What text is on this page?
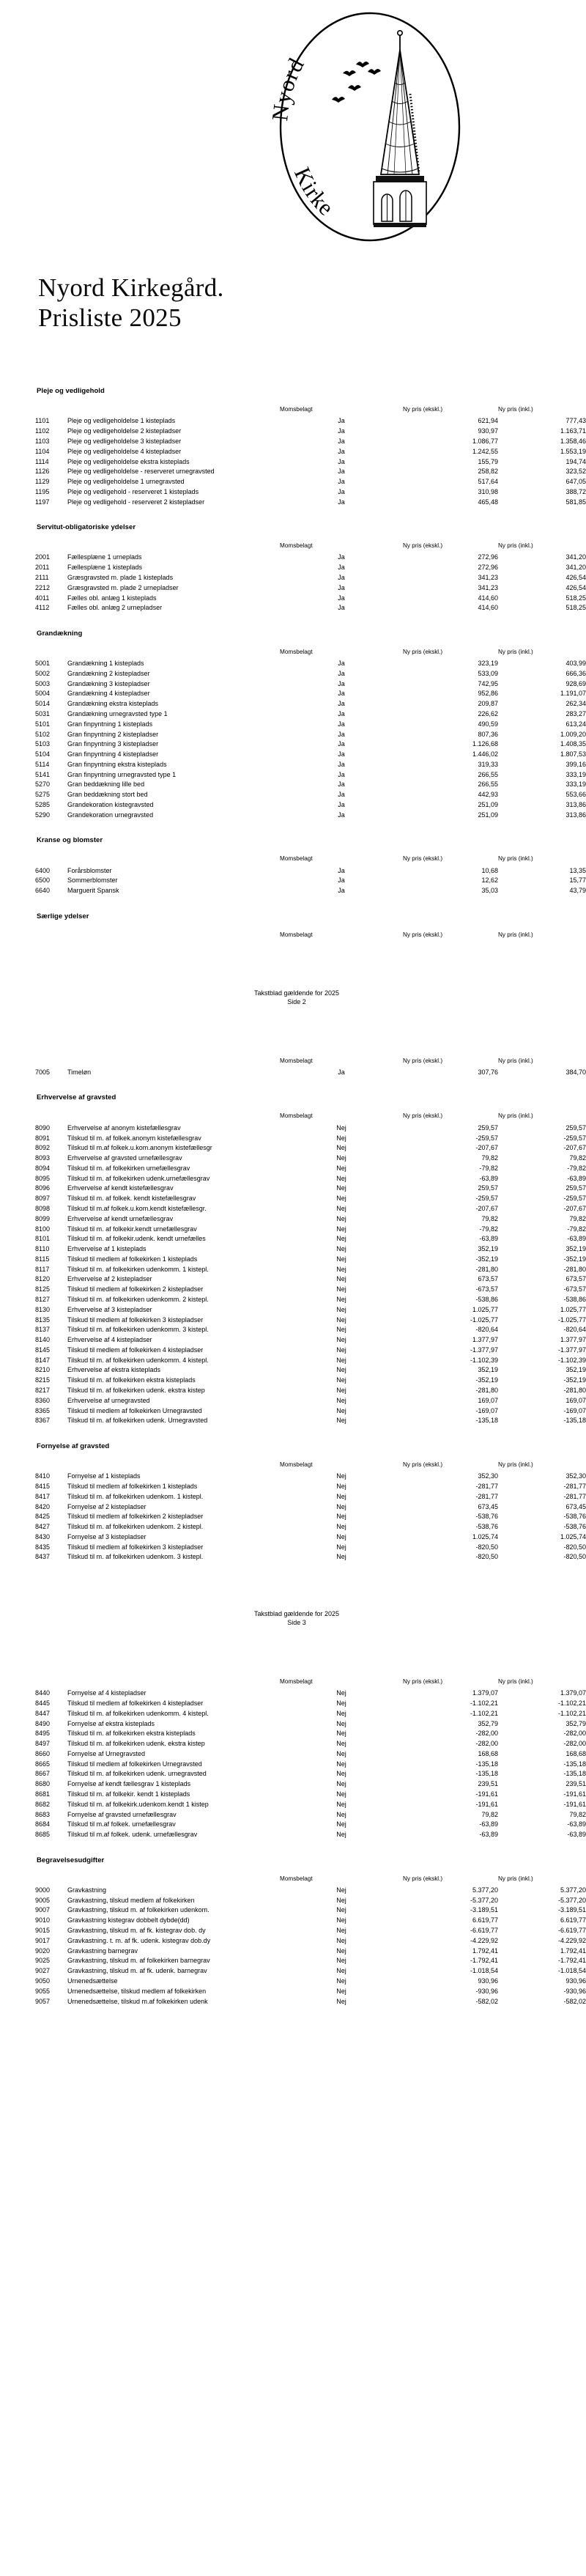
Nyord
Kirke
Nyord Kirkegård.
Prisliste 2025
Pleje og vedligehold
		Momsbelagt	Ny pris (ekskl.)	Ny pris (inkl.)
1101	Pleje og vedligeholdelse 1 kisteplads	Ja	621,94	777,43
1102	Pleje og vedligeholdelse 2 kistepladser	Ja	930,97	1.163,71
1103	Pleje og vedligeholdelse 3 kistepladser	Ja	1.086,77	1.358,46
1104	Pleje og vedligeholdelse 4 kistepladser	Ja	1.242,55	1.553,19
1114	Pleje og vedligeholdelse ekstra kisteplads	Ja	155,79	194,74
1126	Pleje og vedligeholdelse - reserveret urnegravsted	Ja	258,82	323,52
1129	Pleje og vedligeholdelse 1 urnegravsted	Ja	517,64	647,05
1195	Pleje og vedligehold - reserveret 1 kisteplads	Ja	310,98	388,72
1197	Pleje og vedligehold - reserveret 2 kistepladser	Ja	465,48	581,85
Servitut-obligatoriske ydelser
		Momsbelagt	Ny pris (ekskl.)	Ny pris (inkl.)
2001	Fællesplæne 1 urneplads	Ja	272,96	341,20
2011	Fællesplæne 1 kisteplads	Ja	272,96	341,20
2111	Græsgravsted m. plade 1 kisteplads	Ja	341,23	426,54
2212	Græsgravsted m. plade 2 urnepladser	Ja	341,23	426,54
4011	Fælles obl. anlæg 1 kisteplads	Ja	414,60	518,25
4112	Fælles obl. anlæg 2 urnepladser	Ja	414,60	518,25
Grandækning
		Momsbelagt	Ny pris (ekskl.)	Ny pris (inkl.)
5001	Grandækning 1 kisteplads	Ja	323,19	403,99
5002	Grandækning 2 kistepladser	Ja	533,09	666,36
5003	Grandækning 3 kistepladser	Ja	742,95	928,69
5004	Grandækning 4 kistepladser	Ja	952,86	1.191,07
5014	Grandækning ekstra kisteplads	Ja	209,87	262,34
5031	Grandækning urnegravsted type 1	Ja	226,62	283,27
5101	Gran finpyntning 1 kisteplads	Ja	490,59	613,24
5102	Gran finpyntning 2 kistepladser	Ja	807,36	1.009,20
5103	Gran finpyntning 3 kistepladser	Ja	1.126,68	1.408,35
5104	Gran finpyntning 4 kistepladser	Ja	1.446,02	1.807,53
5114	Gran finpyntning ekstra kisteplads	Ja	319,33	399,16
5141	Gran finpyntning urnegravsted type 1	Ja	266,55	333,19
5270	Gran beddækning lille bed	Ja	266,55	333,19
5275	Gran beddækning stort bed	Ja	442,93	553,66
5285	Grandekoration kistegravsted	Ja	251,09	313,86
5290	Grandekoration urnegravsted	Ja	251,09	313,86
Kranse og blomster
		Momsbelagt	Ny pris (ekskl.)	Ny pris (inkl.)
6400	Forårsblomster	Ja	10,68	13,35
6500	Sommerblomster	Ja	12,62	15,77
6640	Marguerit Spansk	Ja	35,03	43,79
Særlige ydelser
		Momsbelagt	Ny pris (ekskl.)	Ny pris (inkl.)
Takstblad gældende for 2025
Side 2
		Momsbelagt	Ny pris (ekskl.)	Ny pris (inkl.)
7005	Timeløn	Ja	307,76	384,70
Erhvervelse af gravsted
		Momsbelagt	Ny pris (ekskl.)	Ny pris (inkl.)
8090	Erhvervelse af anonym kistefællesgrav	Nej	259,57	259,57
8091	Tilskud til m. af folkek.anonym kistefællesgrav	Nej	-259,57	-259,57
8092	Tilskud til m.af folkek.u.kom.anonym kistefællesgr	Nej	-207,67	-207,67
8093	Erhvervelse af gravsted urnefællesgrav	Nej	79,82	79,82
8094	Tilskud til m. af folkekirken urnefællesgrav	Nej	-79,82	-79,82
8095	Tilskud til m. af folkekirken udenk.urnefællesgrav	Nej	-63,89	-63,89
8096	Erhvervelse af kendt kistefællesgrav	Nej	259,57	259,57
8097	Tilskud til m. af folkek. kendt kistefællesgrav	Nej	-259,57	-259,57
8098	Tilskud til m.af folkek.u.kom.kendt kistefællesgr.	Nej	-207,67	-207,67
8099	Erhvervelse af kendt urnefællesgrav	Nej	79,82	79,82
8100	Tilskud til m. af folkekir.kendt urnefællesgrav	Nej	-79,82	-79,82
8101	Tilskud til m. af folkekir.udenk. kendt urnefælles	Nej	-63,89	-63,89
8110	Erhvervelse af 1 kisteplads	Nej	352,19	352,19
8115	Tilskud til medlem af folkekirken 1 kisteplads	Nej	-352,19	-352,19
8117	Tilskud til m. af folkekirken udenkomm. 1 kistepl.	Nej	-281,80	-281,80
8120	Erhvervelse af 2 kistepladser	Nej	673,57	673,57
8125	Tilskud til medlem af folkekirken 2 kistepladser	Nej	-673,57	-673,57
8127	Tilskud til m. af folkekirken udenkomm. 2 kistepl.	Nej	-538,86	-538,86
8130	Erhvervelse af 3 kistepladser	Nej	1.025,77	1.025,77
8135	Tilskud til medlem af folkekirken 3 kistepladser	Nej	-1.025,77	-1.025,77
8137	Tilskud til m. af folkekirken udenkomm. 3 kistepl.	Nej	-820,64	-820,64
8140	Erhvervelse af 4 kistepladser	Nej	1.377,97	1.377,97
8145	Tilskud til medlem af folkekirken 4 kistepladser	Nej	-1.377,97	-1.377,97
8147	Tilskud til m. af folkekirken udenkomm. 4 kistepl.	Nej	-1.102,39	-1.102,39
8210	Erhvervelse af ekstra kisteplads	Nej	352,19	352,19
8215	Tilskud til m. af folkekirken ekstra kisteplads	Nej	-352,19	-352,19
8217	Tilskud til m. af folkekirken udenk. ekstra kistep	Nej	-281,80	-281,80
8360	Erhvervelse af urnegravsted	Nej	169,07	169,07
8365	Tilskud til medlem af folkekirken Urnegravsted	Nej	-169,07	-169,07
8367	Tilskud til m. af folkekirken udenk. Urnegravsted	Nej	-135,18	-135,18
Fornyelse af gravsted
		Momsbelagt	Ny pris (ekskl.)	Ny pris (inkl.)
8410	Fornyelse af 1 kisteplads	Nej	352,30	352,30
8415	Tilskud til medlem af folkekirken 1 kisteplads	Nej	-281,77	-281,77
8417	Tilskud til m. af folkekirken udenkom. 1 kistepl.	Nej	-281,77	-281,77
8420	Fornyelse af 2 kistepladser	Nej	673,45	673,45
8425	Tilskud til medlem af folkekirken 2 kistepladser	Nej	-538,76	-538,76
8427	Tilskud til m. af folkekirken udenkom. 2 kistepl.	Nej	-538,76	-538,76
8430	Fornyelse af 3 kistepladser	Nej	1.025,74	1.025,74
8435	Tilskud til medlem af folkekirken 3 kistepladser	Nej	-820,50	-820,50
8437	Tilskud til m. af folkekirken udenkom. 3 kistepl.	Nej	-820,50	-820,50
Takstblad gældende for 2025
Side 3
		Momsbelagt	Ny pris (ekskl.)	Ny pris (inkl.)
8440	Fornyelse af 4 kistepladser	Nej	1.379,07	1.379,07
8445	Tilskud til medlem af folkekirken 4 kistepladser	Nej	-1.102,21	-1.102,21
8447	Tilskud til m. af folkekirken udenkomm. 4 kistepl.	Nej	-1.102,21	-1.102,21
8490	Fornyelse af ekstra kisteplads	Nej	352,79	352,79
8495	Tilskud til m. af folkekirken ekstra kisteplads	Nej	-282,00	-282,00
8497	Tilskud til m. af folkekirken udenk. ekstra kistep	Nej	-282,00	-282,00
8660	Fornyelse af Urnegravsted	Nej	168,68	168,68
8665	Tilskud til medlem af folkekirken Urnegravsted	Nej	-135,18	-135,18
8667	Tilskud til m. af folkekirken udenk. urnegravsted	Nej	-135,18	-135,18
8680	Fornyelse af kendt fællesgrav 1 kisteplads	Nej	239,51	239,51
8681	Tilskud til m. af folkekir. kendt 1 kisteplads	Nej	-191,61	-191,61
8682	Tilskud til m. af folkekirk.udenkom.kendt 1 kistep	Nej	-191,61	-191,61
8683	Fornyelse af gravsted urnefællesgrav	Nej	79,82	79,82
8684	Tilskud til m.af folkek. urnefællesgrav	Nej	-63,89	-63,89
8685	Tilskud til m.af folkek. udenk. urnefællesgrav	Nej	-63,89	-63,89
Begravelsesudgifter
		Momsbelagt	Ny pris (ekskl.)	Ny pris (inkl.)
9000	Gravkastning	Nej	5.377,20	5.377,20
9005	Gravkastning, tilskud medlem af folkekirken	Nej	-5.377,20	-5.377,20
9007	Gravkastning, tilskud m. af folkekirken udenkom.	Nej	-3.189,51	-3.189,51
9010	Gravkastning kistegrav dobbelt dybde(dd)	Nej	6.619,77	6.619,77
9015	Gravkastning, tilskud m. af fk. kistegrav dob. dy	Nej	-6.619,77	-6.619,77
9017	Gravkastning. t. m. af fk. udenk. kistegrav dob.dy	Nej	-4.229,92	-4.229,92
9020	Gravkastning barnegrav	Nej	1.792,41	1.792,41
9025	Gravkastning, tilskud m. af folkekirken barnegrav	Nej	-1.792,41	-1.792,41
9027	Gravkastning, tilskud m. af fk. udenk. barnegrav	Nej	-1.018,54	-1.018,54
9050	Urnenedsættelse	Nej	930,96	930,96
9055	Urnenedsættelse, tilskud medlem af folkekirken	Nej	-930,96	-930,96
9057	Urnenedsættelse, tilskud m.af folkekirken udenk	Nej	-582,02	-582,02
